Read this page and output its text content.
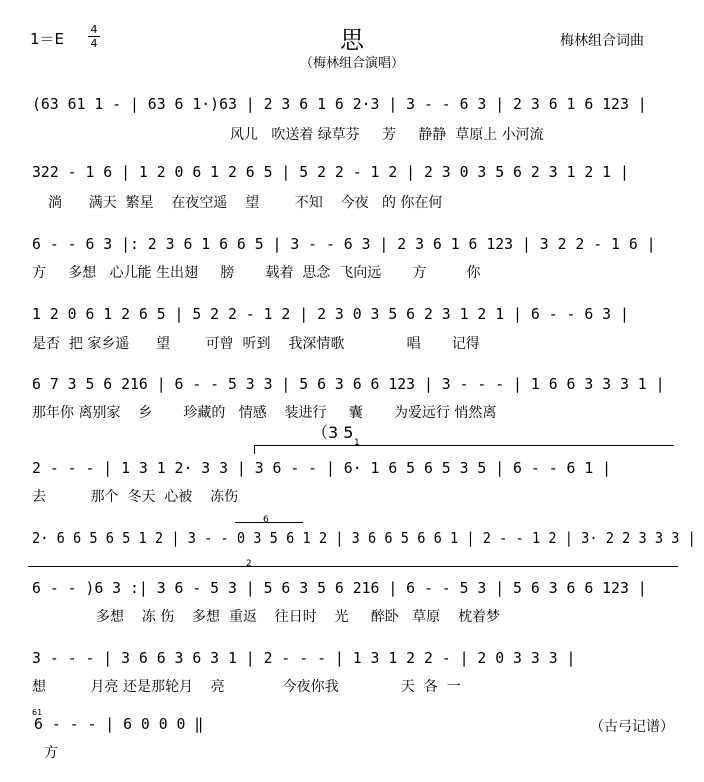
1＝E
4
4	思
（梅林组合演唱）
梅林组合词曲
(63 61 1 - | 63 6 1·)63 | 2 3 6 1 6 2·3 | 3 - - 6 3 | 2 3 6 1 6 123 |
风儿   吹送着 绿草芬     芳     静静  草原上 小河流
322 - 1 6 | 1 2 0 6 1 2 6 5 | 5 2 2 - 1 2 | 2 3 0 3 5 6 2 3 1 2 1 |
淌      满天  繁星    在夜空遥    望        不知    今夜   的 你在何
6 - - 6 3 |: 2 3 6 1 6 6 5 | 3 - - 6 3 | 2 3 6 1 6 123 | 3 2 2 - 1 6 |
方     多想   心儿能 生出翅     膀       载着  思念  飞向远       方         你
1 2 0 6 1 2 6 5 | 5 2 2 - 1 2 | 2 3 0 3 5 6 2 3 1 2 1 | 6 - - 6 3 |
是否  把 家乡遥      望        可曾  听到    我深情歌              唱       记得
6 7 3 5 6 216 | 6 - - 5 3 3 | 5 6 3 6 6 123 | 3 - - - | 1 6 6 3 3 3 1 |
那年你 离别家    乡       珍藏的   情感    装进行     囊       为爱远行 悄然离
（3 5
1
2 - - - | 1 3 1 2· 3 3 | 3 6 - - | 6· 1 6 5 6 5 3 5 | 6 - - 6 1 |
去          那个  冬天  心被    冻伤
6
2· 6 6 5 6 5 1 2 | 3 - - 0 3 5 6 1 2 | 3 6 6 5 6 6 1 | 2 - - 1 2 | 3· 2 2 3 3 3 |
2
6 - - )6 3 :| 3 6 - 5 3 | 5 6 3 5 6 216 | 6 - - 5 3 | 5 6 3 6 6 123 |
多想    冻 伤    多想  重返    往日时    光     醉卧   草原    枕着梦
3 - - - | 3 6 6 3 6 3 1 | 2 - - - | 1 3 1 2 2 - | 2 0 3 3 3 |
想          月亮 还是那轮月    亮             今夜你我              天  各  一
61
6 - - - | 6 0 0 0 ‖
方
（古弓记谱）
